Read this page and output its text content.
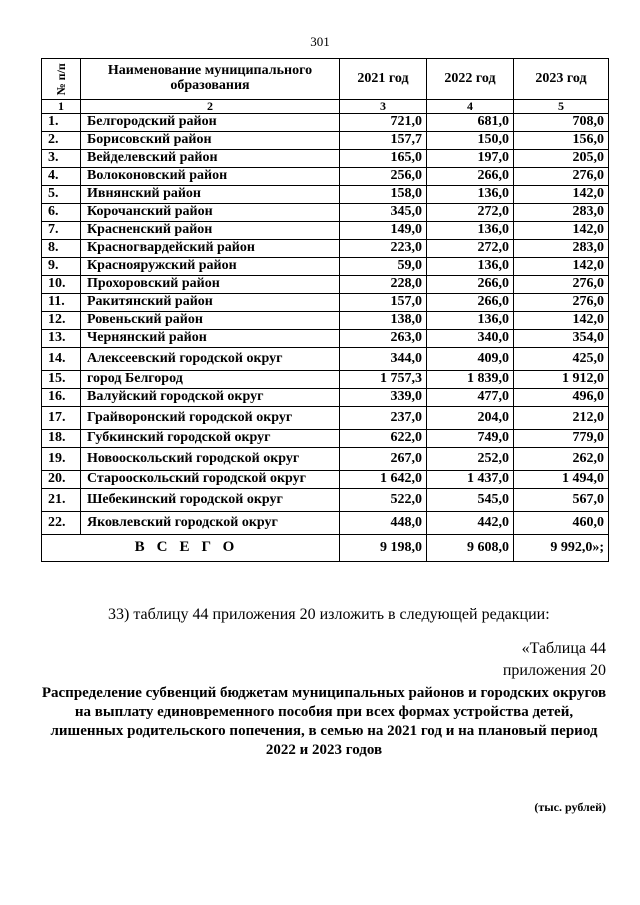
301
№ п/п	Наименование муниципального образования	2021 год	2022 год	2023 год
1	2	3	4	5
1.	Белгородский район	721,0	681,0	708,0
2.	Борисовский район	157,7	150,0	156,0
3.	Вейделевский район	165,0	197,0	205,0
4.	Волоконовский район	256,0	266,0	276,0
5.	Ивнянский район	158,0	136,0	142,0
6.	Корочанский район	345,0	272,0	283,0
7.	Красненский район	149,0	136,0	142,0
8.	Красногвардейский район	223,0	272,0	283,0
9.	Краснояружский район	59,0	136,0	142,0
10.	Прохоровский район	228,0	266,0	276,0
11.	Ракитянский район	157,0	266,0	276,0
12.	Ровеньский район	138,0	136,0	142,0
13.	Чернянский район	263,0	340,0	354,0
14.	Алексеевский городской округ	344,0	409,0	425,0
15.	город Белгород	1 757,3	1 839,0	1 912,0
16.	Валуйский городской округ	339,0	477,0	496,0
17.	Грайворонский городской округ	237,0	204,0	212,0
18.	Губкинский городской округ	622,0	749,0	779,0
19.	Новооскольский городской округ	267,0	252,0	262,0
20.	Старооскольский городской округ	1 642,0	1 437,0	1 494,0
21.	Шебекинский городской округ	522,0	545,0	567,0
22.	Яковлевский городской округ	448,0	442,0	460,0
ВСЕГО		9 198,0	9 608,0	9 992,0»;
33) таблицу 44 приложения 20 изложить в следующей редакции:
«Таблица 44
приложения 20
Распределение субвенций бюджетам муниципальных районов и городских округов на выплату единовременного пособия при всех формах устройства детей, лишенных родительского попечения, в семью на 2021 год и на плановый период 2022 и 2023 годов
(тыс. рублей)
